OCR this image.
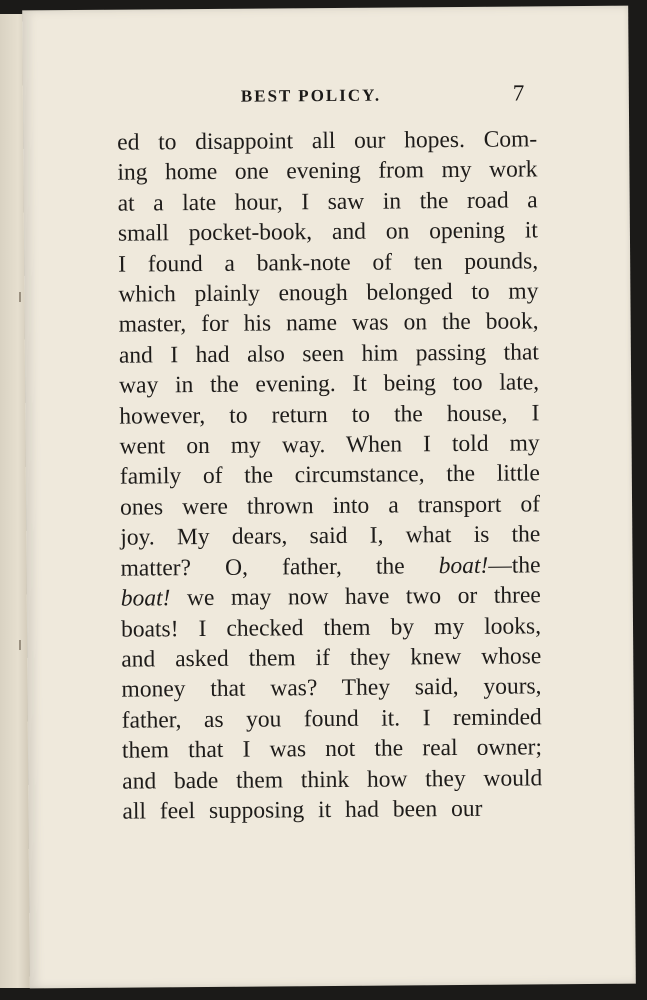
BEST POLICY.	7
ed to disappoint all our hopes. Com-
ing home one evening from my work
at a late hour, I saw in the road a
small pocket-book, and on opening it
I found a bank-note of ten pounds,
which plainly enough belonged to my
master, for his name was on the book,
and I had also seen him passing that
way in the evening. It being too late,
however, to return to the house, I
went on my way. When I told my
family of the circumstance, the little
ones were thrown into a transport of
joy. My dears, said I, what is the
matter? O, father, the boat!—the
boat! we may now have two or three
boats! I checked them by my looks,
and asked them if they knew whose
money that was? They said, yours,
father, as you found it. I reminded
them that I was not the real owner;
and bade them think how they would
all feel supposing it had been our
